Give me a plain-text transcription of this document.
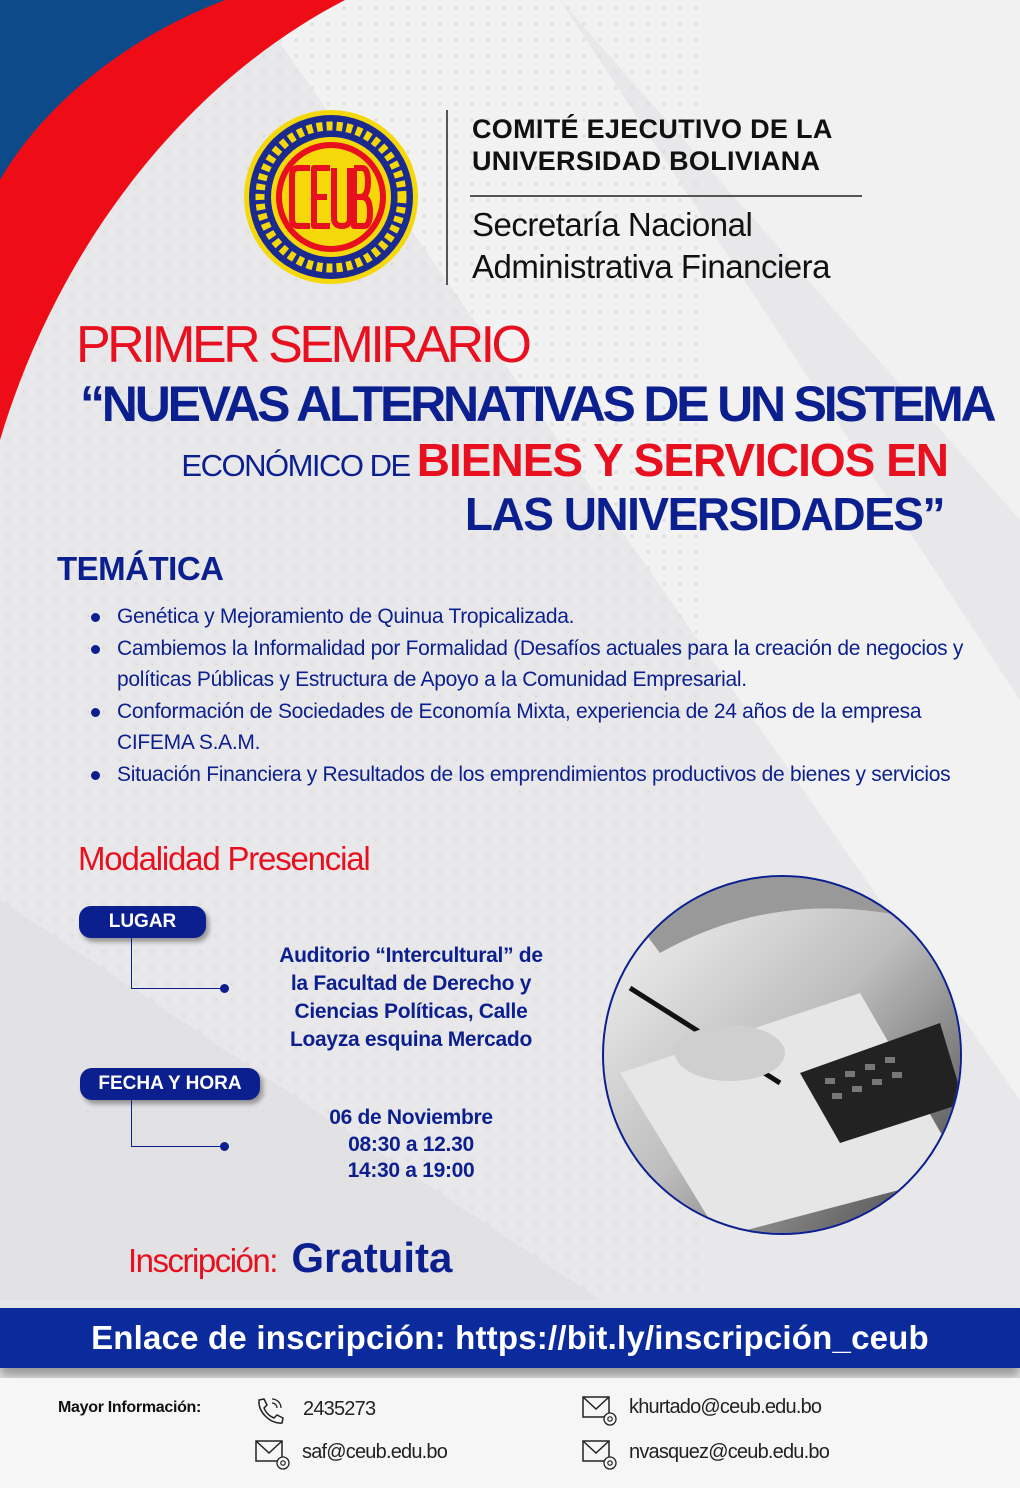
COMITÉ EJECUTIVO DE LA
UNIVERSIDAD BOLIVIANA
Secretaría Nacional
Administrativa Financiera
PRIMER SEMIRARIO
“NUEVAS ALTERNATIVAS DE UN SISTEMA
ECONÓMICO DE BIENES Y SERVICIOS EN
LAS UNIVERSIDADES”
TEMÁTICA
Genética y Mejoramiento de Quinua Tropicalizada.
Cambiemos la Informalidad por Formalidad (Desafíos actuales para la creación de negocios y políticas Públicas y Estructura de Apoyo a la Comunidad Empresarial.
Conformación de Sociedades de Economía Mixta, experiencia de 24 años de la empresa CIFEMA S.A.M.
Situación Financiera y Resultados de los emprendimientos productivos de bienes y servicios
Modalidad Presencial
LUGAR
Auditorio “Intercultural” de
la Facultad de Derecho y
Ciencias Políticas, Calle
Loayza esquina Mercado
FECHA Y HORA
06 de Noviembre
08:30 a 12.30
14:30 a 19:00
Inscripción: Gratuita
Enlace de inscripción: https://bit.ly/inscripción_ceub
Mayor Información:	2435273
saf@ceub.edu.bo
khurtado@ceub.edu.bo
nvasquez@ceub.edu.bo
